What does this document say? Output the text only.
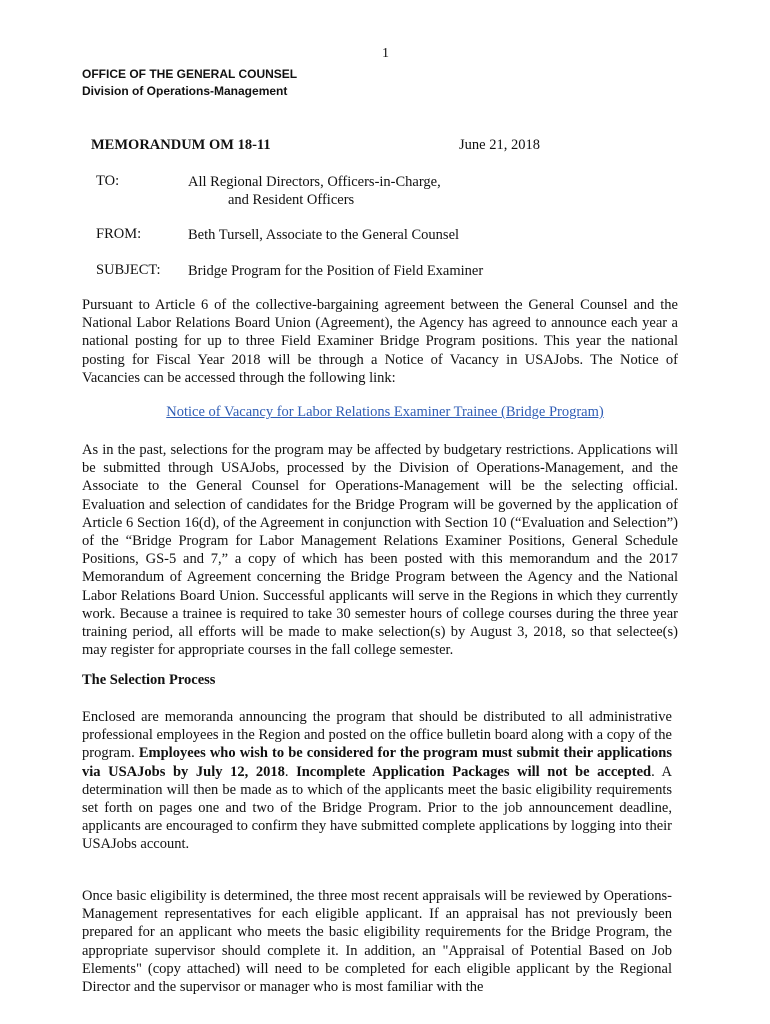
1
OFFICE OF THE GENERAL COUNSEL
Division of Operations-Management
MEMORANDUM OM 18-11	June 21, 2018
TO:	All Regional Directors, Officers-in-Charge,
and Resident Officers
FROM:	Beth Tursell, Associate to the General Counsel
SUBJECT: Bridge Program for the Position of Field Examiner

Pursuant to Article 6 of the collective-bargaining agreement between the General Counsel and the National Labor Relations Board Union (Agreement), the Agency has agreed to announce each year a national posting for up to three Field Examiner Bridge Program positions. This year the national posting for Fiscal Year 2018 will be through a Notice of Vacancy in USAJobs. The Notice of Vacancies can be accessed through the following link:

Notice of Vacancy for Labor Relations Examiner Trainee (Bridge Program)

As in the past, selections for the program may be affected by budgetary restrictions. Applications will be submitted through USAJobs, processed by the Division of Operations-Management, and the Associate to the General Counsel for Operations-Management will be the selecting official. Evaluation and selection of candidates for the Bridge Program will be governed by the application of Article 6 Section 16(d), of the Agreement in conjunction with Section 10 (“Evaluation and Selection”) of the “Bridge Program for Labor Management Relations Examiner Positions, General Schedule Positions, GS-5 and 7,” a copy of which has been posted with this memorandum and the 2017 Memorandum of Agreement concerning the Bridge Program between the Agency and the National Labor Relations Board Union. Successful applicants will serve in the Regions in which they currently work. Because a trainee is required to take 30 semester hours of college courses during the three year training period, all efforts will be made to make selection(s) by August 3, 2018, so that selectee(s) may register for appropriate courses in the fall college semester.

The Selection Process

Enclosed are memoranda announcing the program that should be distributed to all administrative professional employees in the Region and posted on the office bulletin board along with a copy of the program. Employees who wish to be considered for the program must submit their applications via USAJobs by July 12, 2018. Incomplete Application Packages will not be accepted. A determination will then be made as to which of the applicants meet the basic eligibility requirements set forth on pages one and two of the Bridge Program. Prior to the job announcement deadline, applicants are encouraged to confirm they have submitted complete applications by logging into their USAJobs account.

Once basic eligibility is determined, the three most recent appraisals will be reviewed by Operations-Management representatives for each eligible applicant. If an appraisal has not previously been prepared for an applicant who meets the basic eligibility requirements for the Bridge Program, the appropriate supervisor should complete it. In addition, an "Appraisal of Potential Based on Job Elements" (copy attached) will need to be completed for each eligible applicant by the Regional Director and the supervisor or manager who is most familiar with the
